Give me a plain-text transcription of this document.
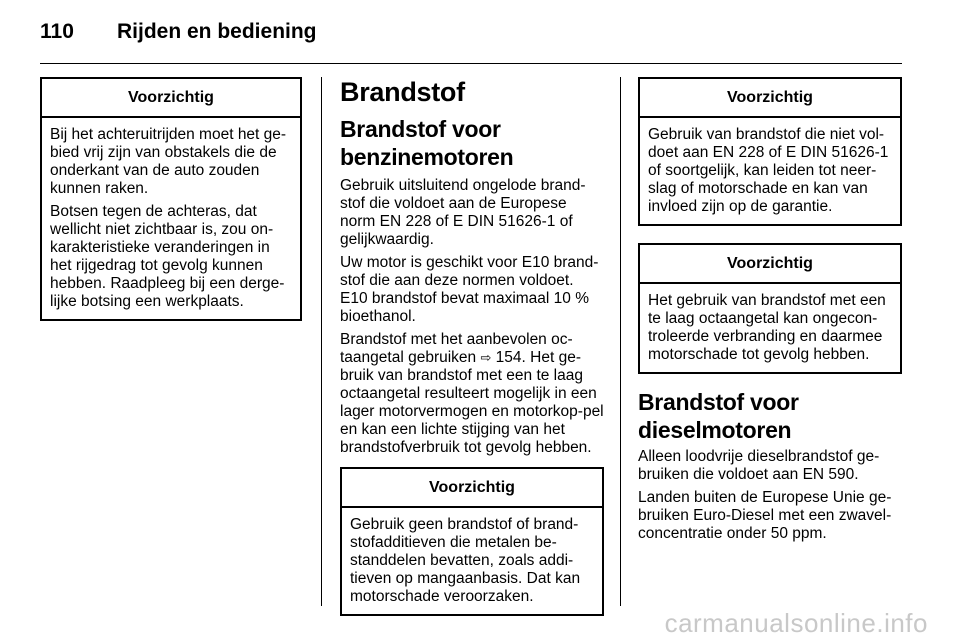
110 Rijden en bediening
Voorzichtig

Bij het achteruitrijden moet het ge-bied vrij zijn van obstakels die de onderkant van de auto zouden kunnen raken.

Botsen tegen de achteras, dat wellicht niet zichtbaar is, zou on-karakteristieke veranderingen in het rijgedrag tot gevolg kunnen hebben. Raadpleeg bij een derge-lijke botsing een werkplaats.

Brandstof
Brandstof voor benzinemotoren

Gebruik uitsluitend ongelode brand-stof die voldoet aan de Europese norm EN 228 of E DIN 51626-1 of gelijkwaardig.

Uw motor is geschikt voor E10 brand-stof die aan deze normen voldoet. E10 brandstof bevat maximaal 10 % bioethanol.

Brandstof met het aanbevolen oc-taangetal gebruiken ⇨ 154. Het ge-bruik van brandstof met een te laag octaangetal resulteert mogelijk in een lager motorvermogen en motorkop-pel en kan een lichte stijging van het brandstofverbruik tot gevolg hebben.

Voorzichtig

Gebruik geen brandstof of brand-stofadditieven die metalen be-standdelen bevatten, zoals addi-tieven op mangaanbasis. Dat kan motorschade veroorzaken.

Voorzichtig

Gebruik van brandstof die niet vol-doet aan EN 228 of E DIN 51626-1 of soortgelijk, kan leiden tot neer-slag of motorschade en kan van invloed zijn op de garantie.

Voorzichtig

Het gebruik van brandstof met een te laag octaangetal kan ongecon-troleerde verbranding en daarmee motorschade tot gevolg hebben.

Brandstof voor dieselmotoren

Alleen loodvrije dieselbrandstof ge-bruiken die voldoet aan EN 590.

Landen buiten de Europese Unie ge-bruiken Euro-Diesel met een zwavel-concentratie onder 50 ppm.

carmanualsonline.info
